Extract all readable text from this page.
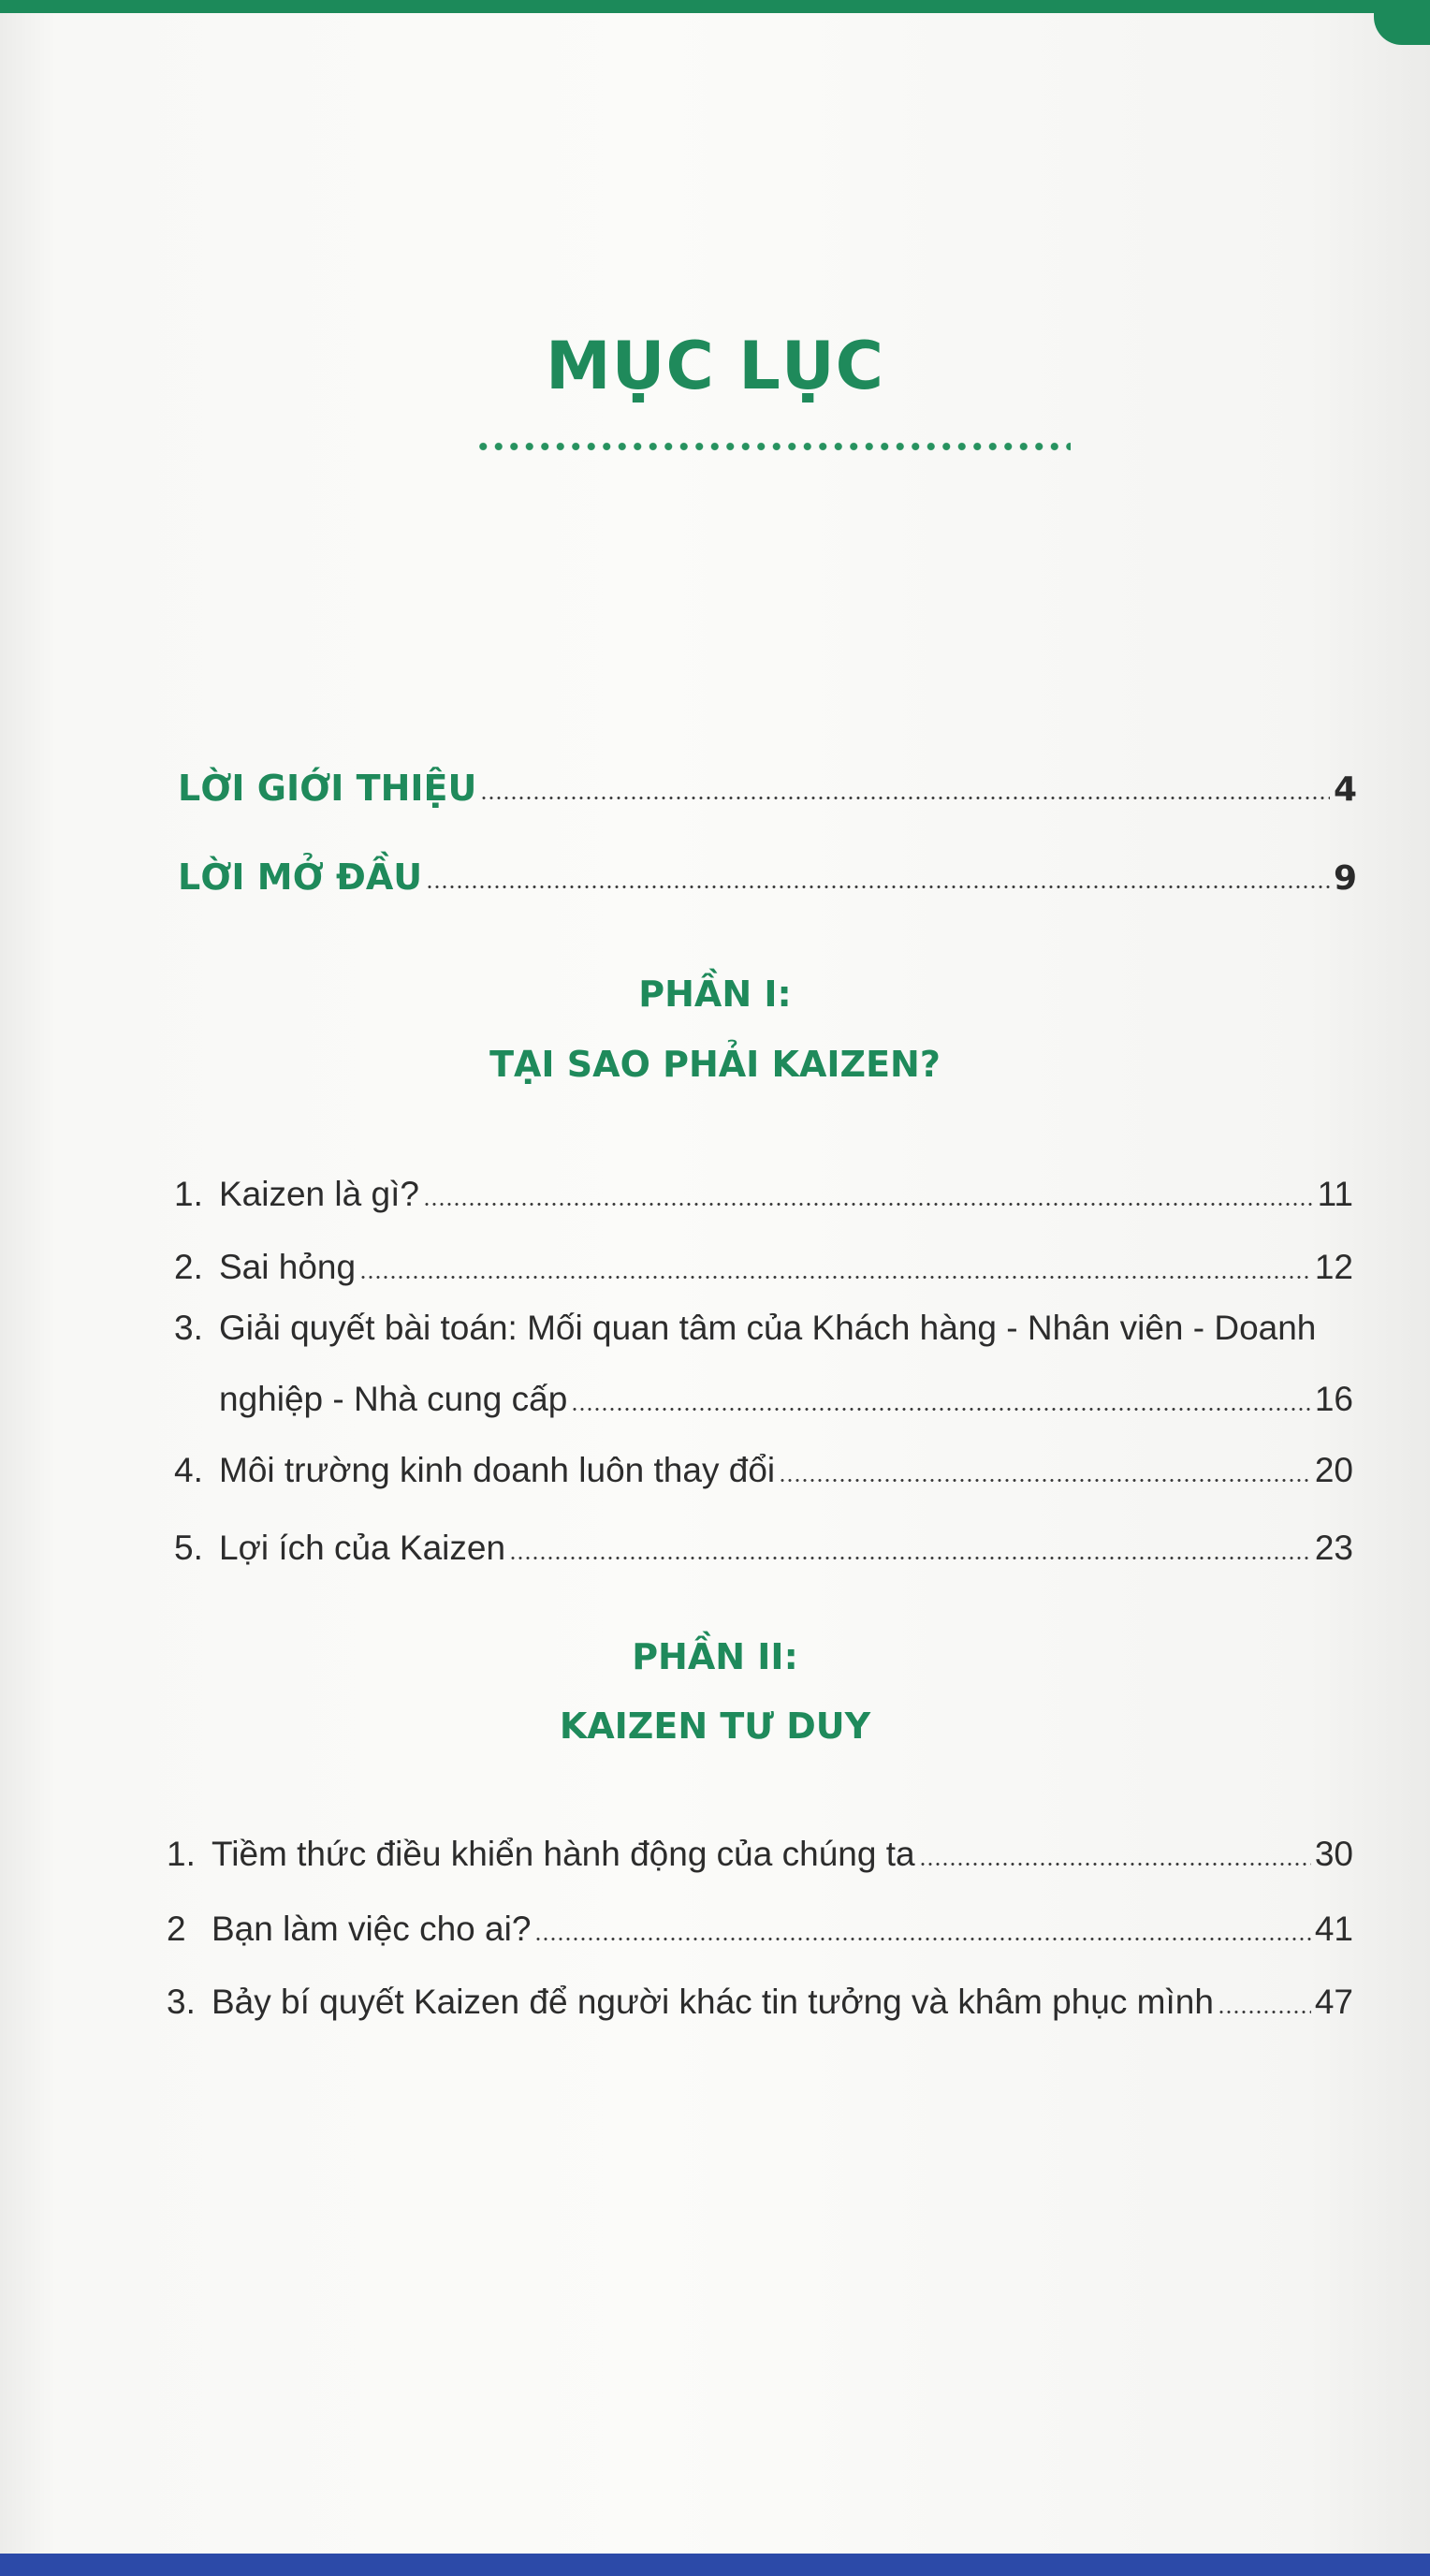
MỤC LỤC
LỜI GIỚI THIỆU	4
LỜI MỞ ĐẦU	9
PHẦN I:
TẠI SAO PHẢI KAIZEN?
1. Kaizen là gì?	11
2. Sai hỏng	12
3. Giải quyết bài toán: Mối quan tâm của Khách hàng - Nhân viên - Doanh
nghiệp - Nhà cung cấp	16
4. Môi trường kinh doanh luôn thay đổi	20
5. Lợi ích của Kaizen	23
PHẦN II:
KAIZEN TƯ DUY
1. Tiềm thức điều khiển hành động của chúng ta	30
2 Bạn làm việc cho ai?	41
3. Bảy bí quyết Kaizen để người khác tin tưởng và khâm phục mình	47
